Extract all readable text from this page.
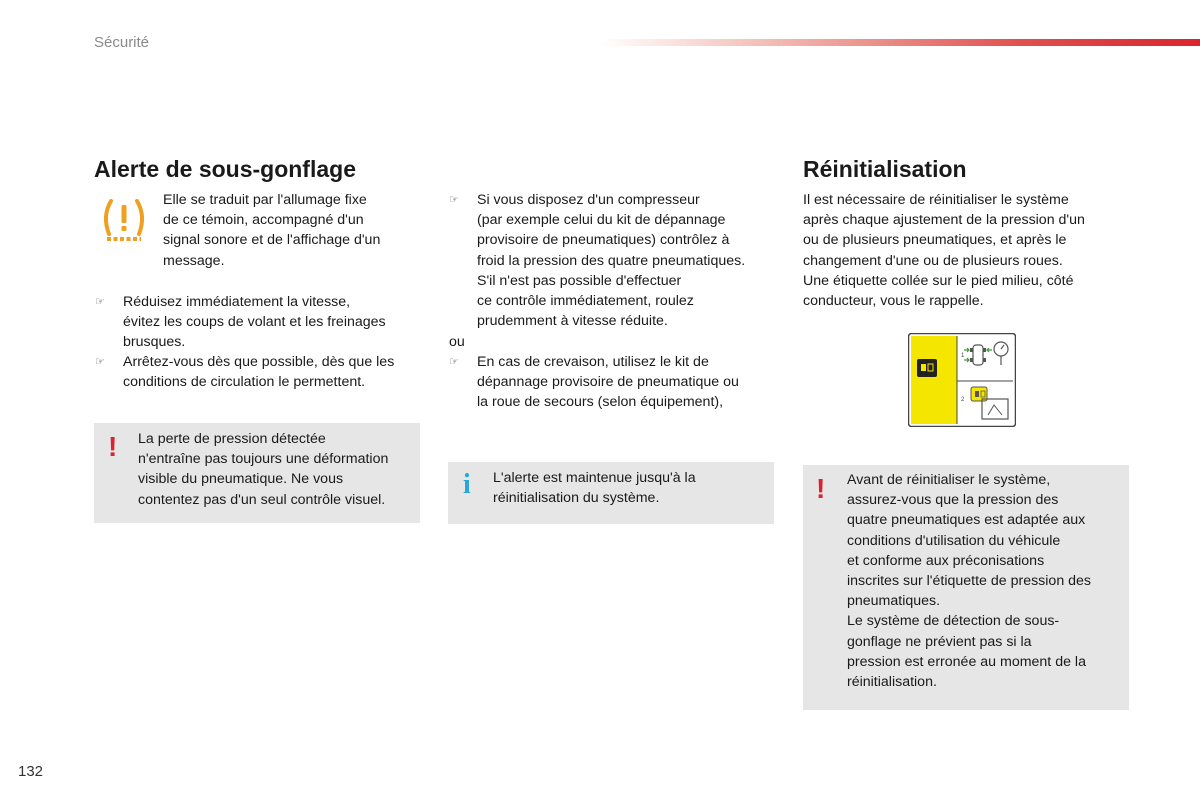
Sécurité
Alerte de sous-gonflage

Elle se traduit par l'allumage fixe
de ce témoin, accompagné d'un
signal sonore et de l'affichage d'un
message.

☞ Réduisez immédiatement la vitesse,
évitez les coups de volant et les freinages
brusques.
☞ Arrêtez-vous dès que possible, dès que les
conditions de circulation le permettent.
! La perte de pression détectée
n'entraîne pas toujours une déformation
visible du pneumatique. Ne vous
contentez pas d'un seul contrôle visuel.
☞ Si vous disposez d'un compresseur
(par exemple celui du kit de dépannage
provisoire de pneumatiques) contrôlez à
froid la pression des quatre pneumatiques.
S'il n'est pas possible d'effectuer
ce contrôle immédiatement, roulez
prudemment à vitesse réduite.
ou
☞ En cas de crevaison, utilisez le kit de
dépannage provisoire de pneumatique ou
la roue de secours (selon équipement),
i L'alerte est maintenue jusqu'à la
réinitialisation du système.
Réinitialisation

Il est nécessaire de réinitialiser le système
après chaque ajustement de la pression d'un
ou de plusieurs pneumatiques, et après le
changement d'une ou de plusieurs roues.
Une étiquette collée sur le pied milieu, côté
conducteur, vous le rappelle.

1
2
! Avant de réinitialiser le système,
assurez-vous que la pression des
quatre pneumatiques est adaptée aux
conditions d'utilisation du véhicule
et conforme aux préconisations
inscrites sur l'étiquette de pression des
pneumatiques.
Le système de détection de sous-
gonflage ne prévient pas si la
pression est erronée au moment de la
réinitialisation.
132
